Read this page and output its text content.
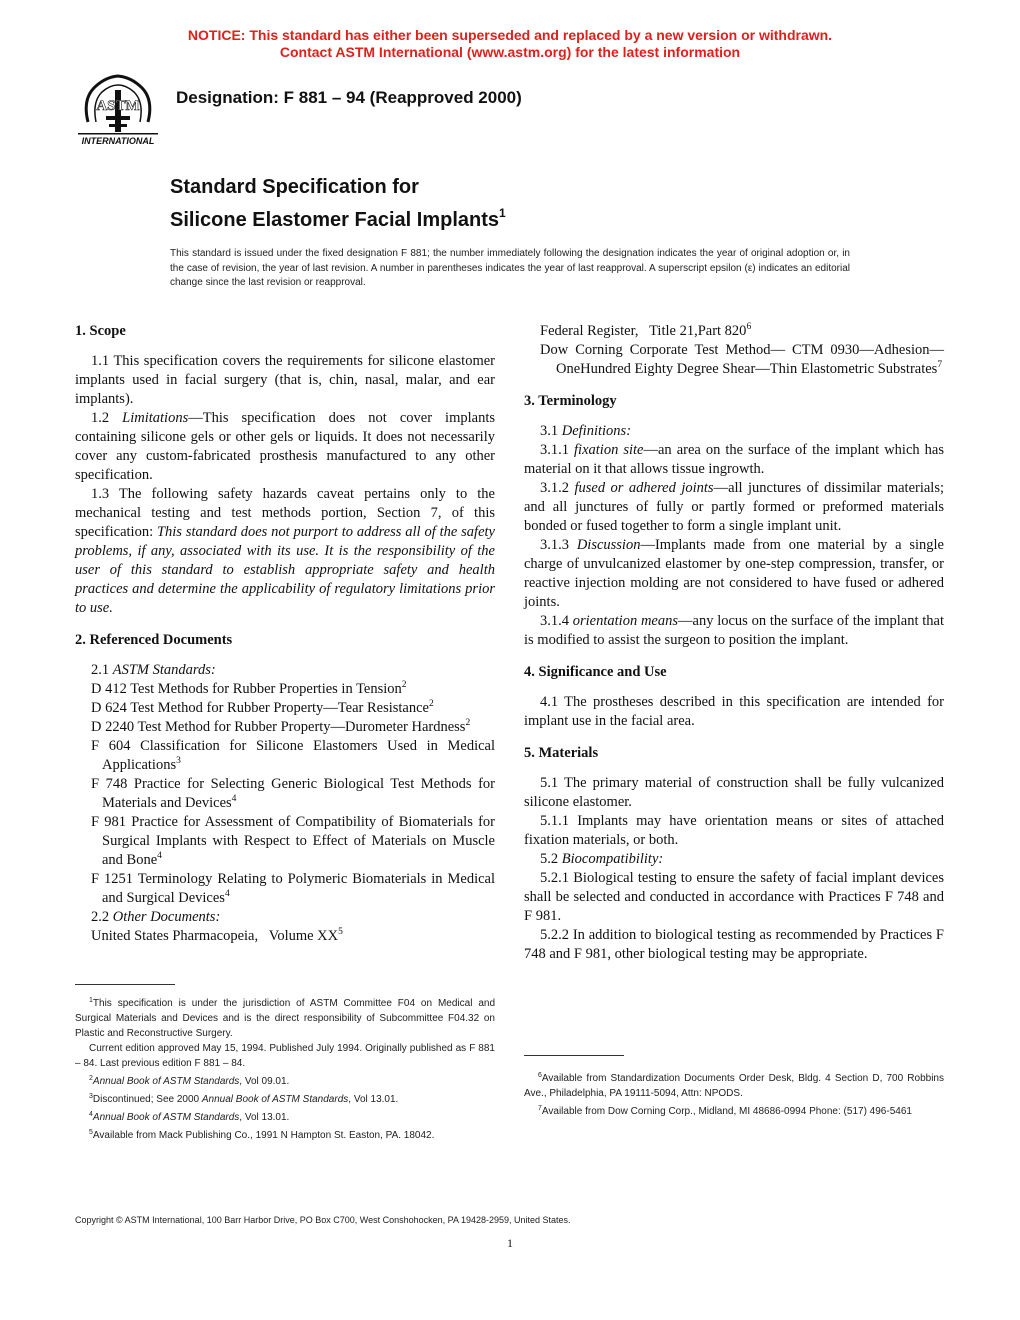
NOTICE: This standard has either been superseded and replaced by a new version or withdrawn.
Contact ASTM International (www.astm.org) for the latest information
ASTM
INTERNATIONAL
Designation: F 881 – 94 (Reapproved 2000)
Standard Specification for
Silicone Elastomer Facial Implants$^1$
This standard is issued under the fixed designation F 881; the number immediately following the designation indicates the year of original adoption or, in the case of revision, the year of last revision. A number in parentheses indicates the year of last reapproval. A superscript epsilon (ε) indicates an editorial change since the last revision or reapproval.
1. Scope

1.1 This specification covers the requirements for silicone elastomer implants used in facial surgery (that is, chin, nasal, malar, and ear implants).

1.2 Limitations—This specification does not cover implants containing silicone gels or other gels or liquids. It does not necessarily cover any custom-fabricated prosthesis manufactured to any other specification.

1.3 The following safety hazards caveat pertains only to the mechanical testing and test methods portion, Section 7, of this specification: This standard does not purport to address all of the safety problems, if any, associated with its use. It is the responsibility of the user of this standard to establish appropriate safety and health practices and determine the applicability of regulatory limitations prior to use.

2. Referenced Documents

2.1 ASTM Standards:

D 412 Test Methods for Rubber Properties in Tension$^2$

D 624 Test Method for Rubber Property—Tear Resistance$^2$

D 2240 Test Method for Rubber Property—Durometer Hardness$^2$

F 604 Classification for Silicone Elastomers Used in Medical Applications$^3$

F 748 Practice for Selecting Generic Biological Test Methods for Materials and Devices$^4$

F 981 Practice for Assessment of Compatibility of Biomaterials for Surgical Implants with Respect to Effect of Materials on Muscle and Bone$^4$

F 1251 Terminology Relating to Polymeric Biomaterials in Medical and Surgical Devices$^4$

2.2 Other Documents:

United States Pharmacopeia,   Volume XX$^5$

Federal Register,   Title 21,Part 820$^6$

Dow Corning Corporate Test Method— CTM 0930—Adhesion—OneHundred Eighty Degree Shear—Thin Elastometric Substrates$^7$

3. Terminology

3.1 Definitions:

3.1.1 fixation site—an area on the surface of the implant which has material on it that allows tissue ingrowth.

3.1.2 fused or adhered joints—all junctures of dissimilar materials; and all junctures of fully or partly formed or preformed materials bonded or fused together to form a single implant unit.

3.1.3 Discussion—Implants made from one material by a single charge of unvulcanized elastomer by one-step compression, transfer, or reactive injection molding are not considered to have fused or adhered joints.

3.1.4 orientation means—any locus on the surface of the implant that is modified to assist the surgeon to position the implant.

4. Significance and Use

4.1 The prostheses described in this specification are intended for implant use in the facial area.

5. Materials

5.1 The primary material of construction shall be fully vulcanized silicone elastomer.

5.1.1 Implants may have orientation means or sites of attached fixation materials, or both.

5.2 Biocompatibility:

5.2.1 Biological testing to ensure the safety of facial implant devices shall be selected and conducted in accordance with Practices F 748 and F 981.

5.2.2 In addition to biological testing as recommended by Practices F 748 and F 981, other biological testing may be appropriate.

$^1$This specification is under the jurisdiction of ASTM Committee F04 on Medical and Surgical Materials and Devices and is the direct responsibility of Subcommittee F04.32 on Plastic and Reconstructive Surgery.

Current edition approved May 15, 1994. Published July 1994. Originally published as F 881 – 84. Last previous edition F 881 – 84.

$^2$Annual Book of ASTM Standards, Vol 09.01.

$^3$Discontinued; See 2000 Annual Book of ASTM Standards, Vol 13.01.

$^4$Annual Book of ASTM Standards, Vol 13.01.

$^5$Available from Mack Publishing Co., 1991 N Hampton St. Easton, PA. 18042.

$^6$Available from Standardization Documents Order Desk, Bldg. 4 Section D, 700 Robbins Ave., Philadelphia, PA 19111-5094, Attn: NPODS.

$^7$Available from Dow Corning Corp., Midland, MI 48686-0994 Phone: (517) 496-5461

Copyright © ASTM International, 100 Barr Harbor Drive, PO Box C700, West Conshohocken, PA 19428-2959, United States.
1
